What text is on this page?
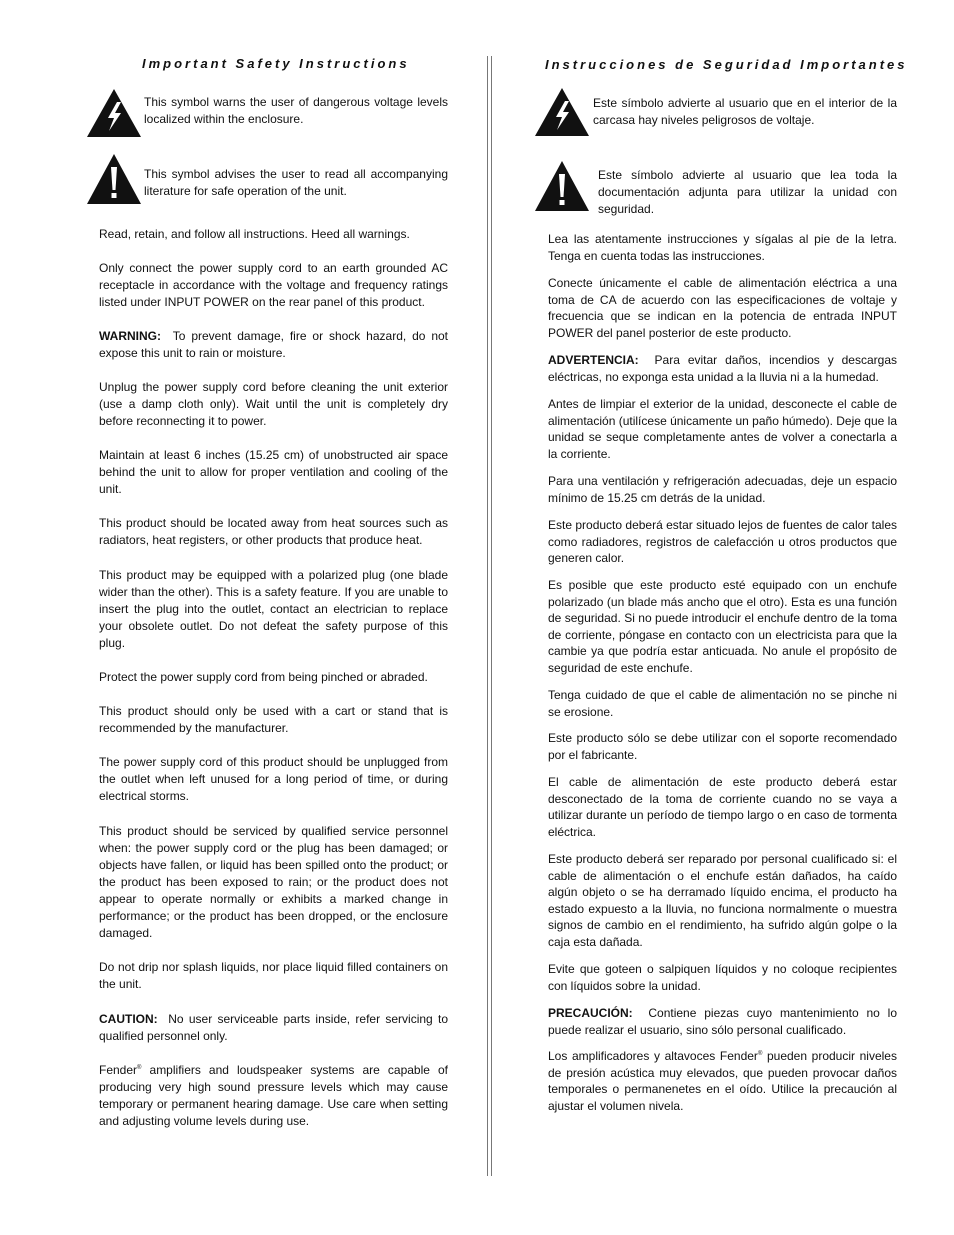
Important Safety Instructions
This symbol warns the user of dangerous voltage levels localized within the enclosure.
This symbol advises the user to read all accompanying literature for safe operation of the unit.

Read, retain, and follow all instructions. Heed all warnings.

Only connect the power supply cord to an earth grounded AC receptacle in accordance with the voltage and frequency ratings listed under INPUT POWER on the rear panel of this product.

WARNING: To prevent damage, fire or shock hazard, do not expose this unit to rain or moisture.

Unplug the power supply cord before cleaning the unit exterior (use a damp cloth only). Wait until the unit is completely dry before reconnecting it to power.

Maintain at least 6 inches (15.25 cm) of unobstructed air space behind the unit to allow for proper ventilation and cooling of the unit.

This product should be located away from heat sources such as radiators, heat registers, or other products that produce heat.

This product may be equipped with a polarized plug (one blade wider than the other). This is a safety feature. If you are unable to insert the plug into the outlet, contact an electrician to replace your obsolete outlet. Do not defeat the safety purpose of this plug.

Protect the power supply cord from being pinched or abraded.

This product should only be used with a cart or stand that is recommended by the manufacturer.

The power supply cord of this product should be unplugged from the outlet when left unused for a long period of time, or during electrical storms.

This product should be serviced by qualified service personnel when: the power supply cord or the plug has been damaged; or objects have fallen, or liquid has been spilled onto the product; or the product has been exposed to rain; or the product does not appear to operate normally or exhibits a marked change in performance; or the product has been dropped, or the enclosure damaged.

Do not drip nor splash liquids, nor place liquid filled containers on the unit.

CAUTION: No user serviceable parts inside, refer servicing to qualified personnel only.

Fender® amplifiers and loudspeaker systems are capable of producing very high sound pressure levels which may cause temporary or permanent hearing damage. Use care when setting and adjusting volume levels during use.

Instrucciones de Seguridad Importantes
Este símbolo advierte al usuario que en el interior de la carcasa hay niveles peligrosos de voltaje.
Este símbolo advierte al usuario que lea toda la documentación adjunta para utilizar la unidad con seguridad.

Lea las atentamente instrucciones y sígalas al pie de la letra. Tenga en cuenta todas las instrucciones.

Conecte únicamente el cable de alimentación eléctrica a una toma de CA de acuerdo con las especificaciones de voltaje y frecuencia que se indican en la potencia de entrada INPUT POWER del panel posterior de este producto.

ADVERTENCIA: Para evitar daños, incendios y descargas eléctricas, no exponga esta unidad a la lluvia ni a la humedad.

Antes de limpiar el exterior de la unidad, desconecte el cable de alimentación (utilícese únicamente un paño húmedo). Deje que la unidad se seque completamente antes de volver a conectarla a la corriente.

Para una ventilación y refrigeración adecuadas, deje un espacio mínimo de 15.25 cm detrás de la unidad.

Este producto deberá estar situado lejos de fuentes de calor tales como radiadores, registros de calefacción u otros productos que generen calor.

Es posible que este producto esté equipado con un enchufe polarizado (un blade más ancho que el otro). Esta es una función de seguridad. Si no puede introducir el enchufe dentro de la toma de corriente, póngase en contacto con un electricista para que la cambie ya que podría estar anticuada. No anule el propósito de seguridad de este enchufe.

Tenga cuidado de que el cable de alimentación no se pinche ni se erosione.

Este producto sólo se debe utilizar con el soporte recomendado por el fabricante.

El cable de alimentación de este producto deberá estar desconectado de la toma de corriente cuando no se vaya a utilizar durante un período de tiempo largo o en caso de tormenta eléctrica.

Este producto deberá ser reparado por personal cualificado si: el cable de alimentación o el enchufe están dañados, ha caído algún objeto o se ha derramado líquido encima, el producto ha estado expuesto a la lluvia, no funciona normalmente o muestra signos de cambio en el rendimiento, ha sufrido algún golpe o la caja esta dañada.

Evite que goteen o salpiquen líquidos y no coloque recipientes con líquidos sobre la unidad.

PRECAUCIÓN: Contiene piezas cuyo mantenimiento no lo puede realizar el usuario, sino sólo personal cualificado.

Los amplificadores y altavoces Fender® pueden producir niveles de presión acústica muy elevados, que pueden provocar daños temporales o permanenetes en el oído. Utilice la precaución al ajustar el volumen nivela.
